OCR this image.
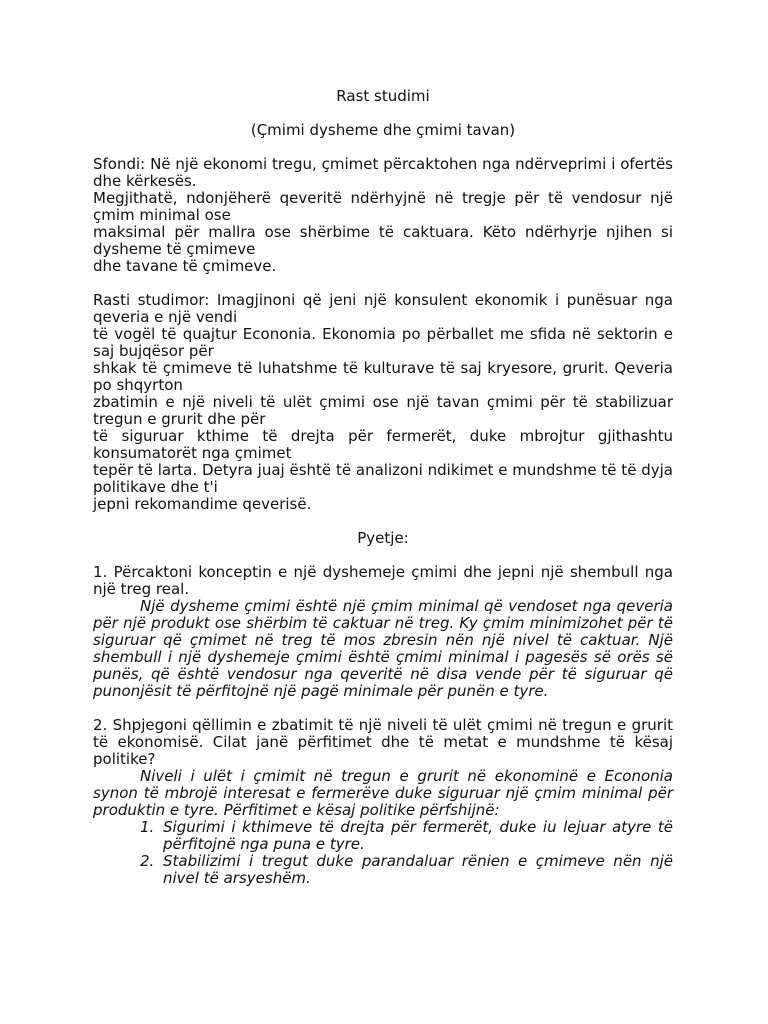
Rast studimi

(Çmimi dysheme dhe çmimi tavan)

Sfondi: Në një ekonomi tregu, çmimet përcaktohen nga ndërveprimi i ofertës dhe kërkesës.

Megjithatë, ndonjëherë qeveritë ndërhyjnë në tregje për të vendosur një çmim minimal ose

maksimal për mallra ose shërbime të caktuara. Këto ndërhyrje njihen si dysheme të çmimeve

dhe tavane të çmimeve.

Rasti studimor: Imagjinoni që jeni një konsulent ekonomik i punësuar nga qeveria e një vendi

të vogël të quajtur Econonia. Ekonomia po përballet me sfida në sektorin e saj bujqësor për

shkak të çmimeve të luhatshme të kulturave të saj kryesore, grurit. Qeveria po shqyrton

zbatimin e një niveli të ulët çmimi ose një tavan çmimi për të stabilizuar tregun e grurit dhe për

të siguruar kthime të drejta për fermerët, duke mbrojtur gjithashtu konsumatorët nga çmimet

tepër të larta. Detyra juaj është të analizoni ndikimet e mundshme të të dyja politikave dhe t'i

jepni rekomandime qeverisë.

Pyetje:

1. Përcaktoni konceptin e një dyshemeje çmimi dhe jepni një shembull nga një treg real.

Një dysheme çmimi është një çmim minimal që vendoset nga qeveria për një produkt ose shërbim të caktuar në treg. Ky çmim minimizohet për të siguruar që çmimet në treg të mos zbresin nën një nivel të caktuar. Një shembull i një dyshemeje çmimi është çmimi minimal i pagesës së orës së punës, që është vendosur nga qeveritë në disa vende për të siguruar që punonjësit të përfitojnë një pagë minimale për punën e tyre.

2. Shpjegoni qëllimin e zbatimit të një niveli të ulët çmimi në tregun e grurit të ekonomisë. Cilat janë përfitimet dhe të metat e mundshme të kësaj politike?

Niveli i ulët i çmimit në tregun e grurit në ekonominë e Econonia synon të mbrojë interesat e fermerëve duke siguruar një çmim minimal për produktin e tyre. Përfitimet e kësaj politike përfshijnë:

1. Sigurimi i kthimeve të drejta për fermerët, duke iu lejuar atyre të përfitojnë nga puna e tyre.
2. Stabilizimi i tregut duke parandaluar rënien e çmimeve nën një nivel të arsyeshëm.
